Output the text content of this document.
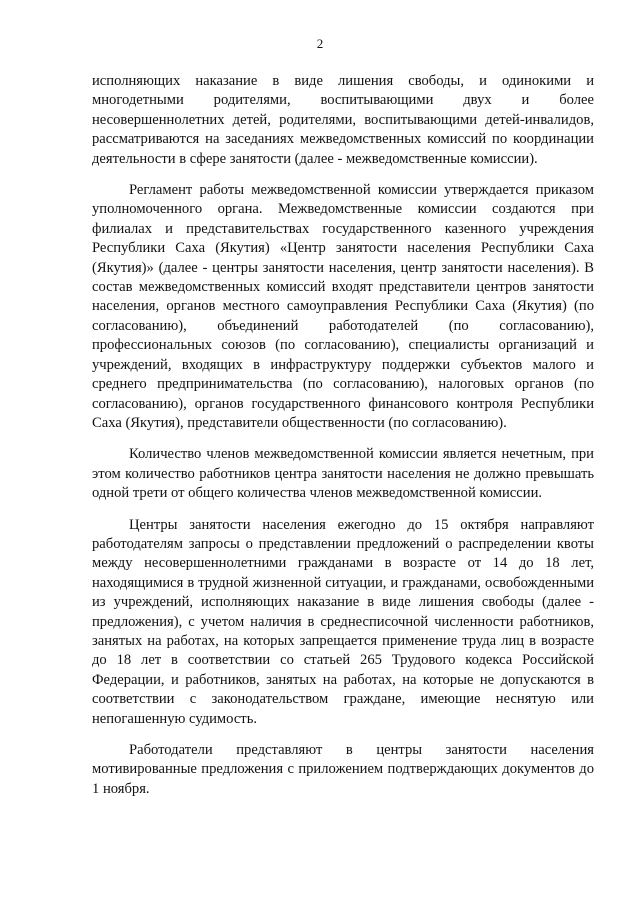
2

исполняющих наказание в виде лишения свободы, и одинокими и многодетными родителями, воспитывающими двух и более несовершеннолетних детей, родителями, воспитывающими детей-инвалидов, рассматриваются на заседаниях межведомственных комиссий по координации деятельности в сфере занятости (далее - межведомственные комиссии).

Регламент работы межведомственной комиссии утверждается приказом уполномоченного органа. Межведомственные комиссии создаются при филиалах и представительствах государственного казенного учреждения Республики Саха (Якутия) «Центр занятости населения Республики Саха (Якутия)» (далее - центры занятости населения, центр занятости населения). В состав межведомственных комиссий входят представители центров занятости населения, органов местного самоуправления Республики Саха (Якутия) (по согласованию), объединений работодателей (по согласованию), профессиональных союзов (по согласованию), специалисты организаций и учреждений, входящих в инфраструктуру поддержки субъектов малого и среднего предпринимательства (по согласованию), налоговых органов (по согласованию), органов государственного финансового контроля Республики Саха (Якутия), представители общественности (по согласованию).

Количество членов межведомственной комиссии является нечетным, при этом количество работников центра занятости населения не должно превышать одной трети от общего количества членов межведомственной комиссии.

Центры занятости населения ежегодно до 15 октября направляют работодателям запросы о представлении предложений о распределении квоты между несовершеннолетними гражданами в возрасте от 14 до 18 лет, находящимися в трудной жизненной ситуации, и гражданами, освобожденными из учреждений, исполняющих наказание в виде лишения свободы (далее - предложения), с учетом наличия в среднесписочной численности работников, занятых на работах, на которых запрещается применение труда лиц в возрасте до 18 лет в соответствии со статьей 265 Трудового кодекса Российской Федерации, и работников, занятых на работах, на которые не допускаются в соответствии с законодательством граждане, имеющие неснятую или непогашенную судимость.

Работодатели представляют в центры занятости населения мотивированные предложения с приложением подтверждающих документов до 1 ноября.
